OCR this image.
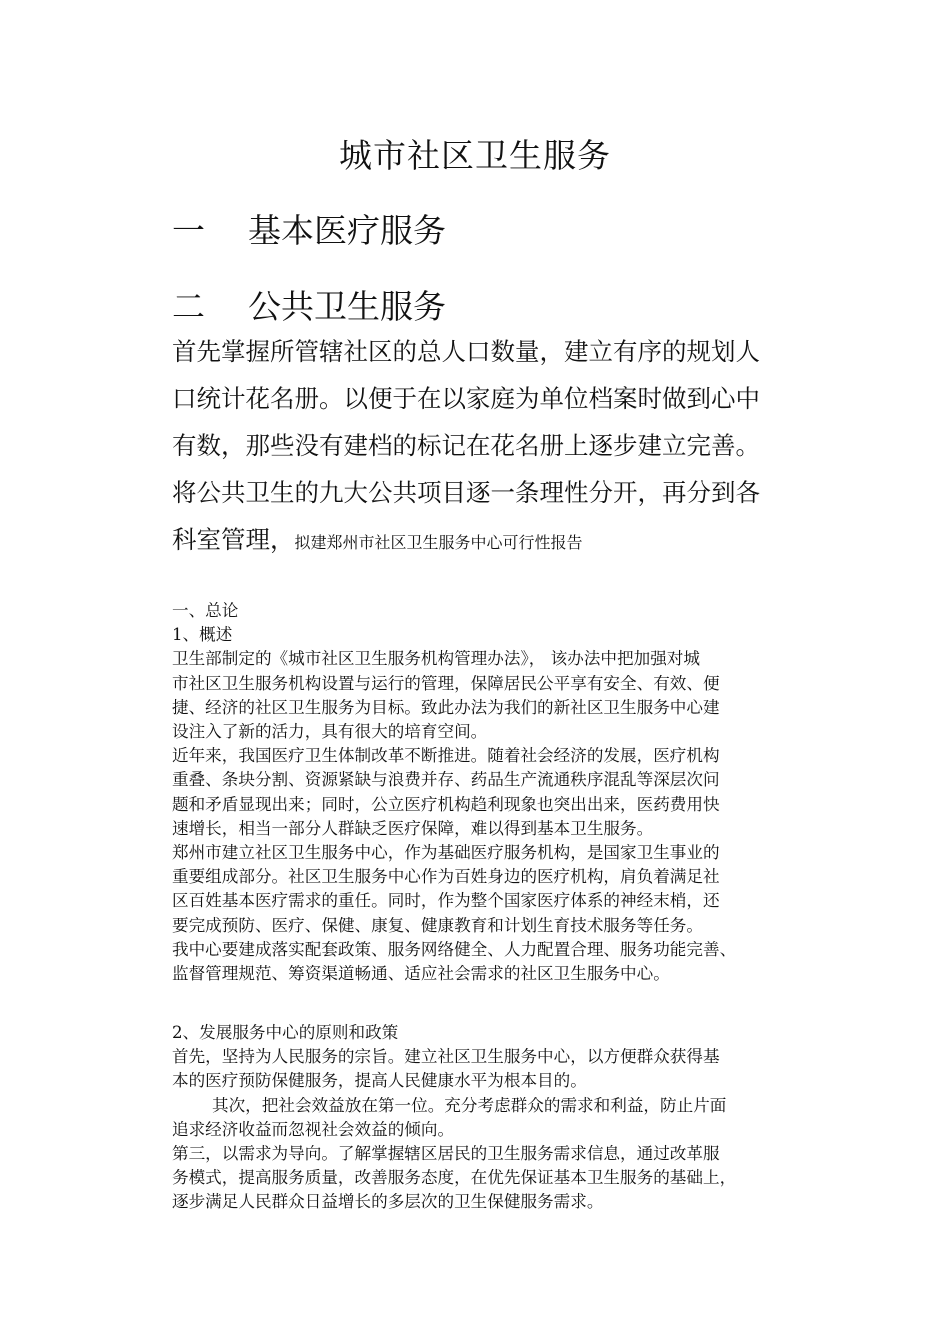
城市社区卫生服务
一 基本医疗服务
二 公共卫生服务
首先掌握所管辖社区的总人口数量，建立有序的规划人
口统计花名册。以便于在以家庭为单位档案时做到心中
有数，那些没有建档的标记在花名册上逐步建立完善。
将公共卫生的九大公共项目逐一条理性分开，再分到各
科室管理，拟建郑州市社区卫生服务中心可行性报告

一、总论

1、概述

卫生部制定的《城市社区卫生服务机构管理办法》， 该办法中把加强对城

市社区卫生服务机构设置与运行的管理，保障居民公平享有安全、有效、便

捷、经济的社区卫生服务为目标。致此办法为我们的新社区卫生服务中心建

设注入了新的活力，具有很大的培育空间。

近年来，我国医疗卫生体制改革不断推进。随着社会经济的发展，医疗机构

重叠、条块分割、资源紧缺与浪费并存、药品生产流通秩序混乱等深层次问

题和矛盾显现出来；同时，公立医疗机构趋利现象也突出出来，医药费用快

速增长，相当一部分人群缺乏医疗保障，难以得到基本卫生服务。

郑州市建立社区卫生服务中心，作为基础医疗服务机构，是国家卫生事业的

重要组成部分。社区卫生服务中心作为百姓身边的医疗机构，肩负着满足社

区百姓基本医疗需求的重任。同时，作为整个国家医疗体系的神经末梢，还

要完成预防、医疗、保健、康复、健康教育和计划生育技术服务等任务。

我中心要建成落实配套政策、服务网络健全、人力配置合理、服务功能完善、

监督管理规范、筹资渠道畅通、适应社会需求的社区卫生服务中心。

2、发展服务中心的原则和政策

首先，坚持为人民服务的宗旨。建立社区卫生服务中心，以方便群众获得基

本的医疗预防保健服务，提高人民健康水平为根本目的。

其次，把社会效益放在第一位。充分考虑群众的需求和利益，防止片面

追求经济收益而忽视社会效益的倾向。

第三，以需求为导向。了解掌握辖区居民的卫生服务需求信息，通过改革服

务模式，提高服务质量，改善服务态度，在优先保证基本卫生服务的基础上，

逐步满足人民群众日益增长的多层次的卫生保健服务需求。
